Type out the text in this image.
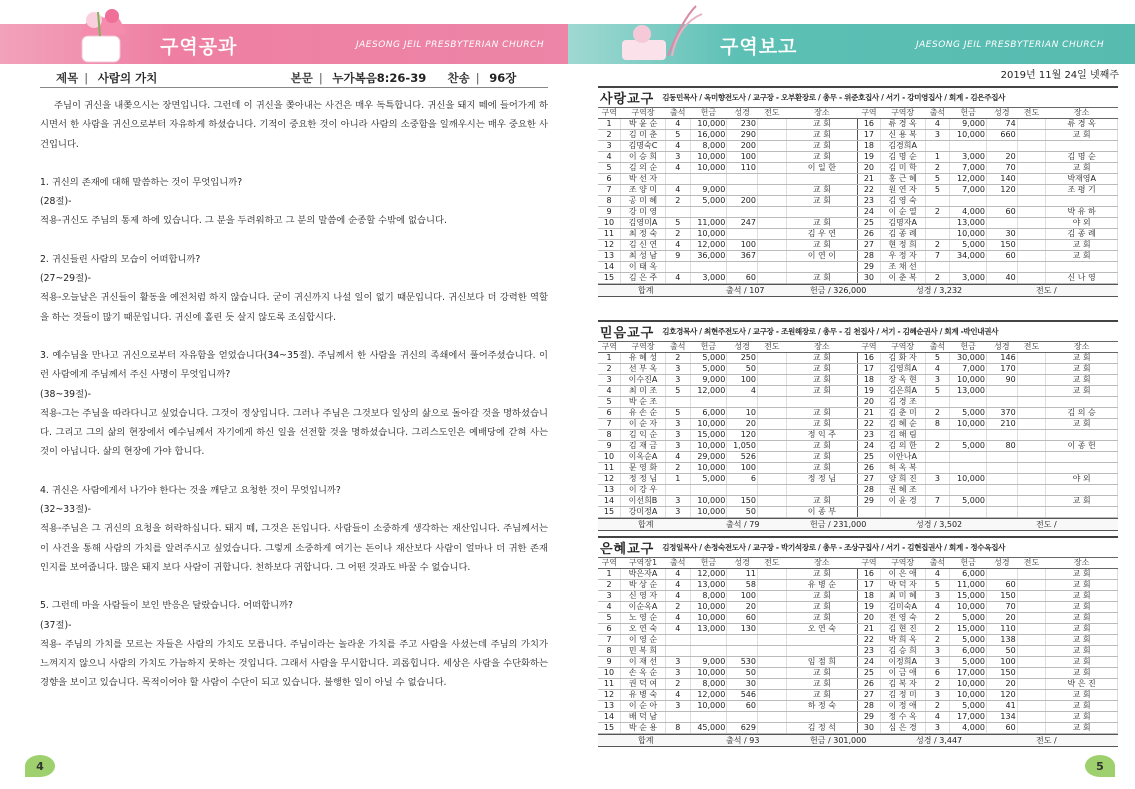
구역공과	JAESONG JEIL PRESBYTERIAN CHURCH	구역보고	JAESONG JEIL PRESBYTERIAN CHURCH
제목 | 사람의 가치	본문 | 누가복음8:26-39 찬송 | 96장

주님이 귀신을 내쫒으시는 장면입니다. 그런데 이 귀신을 쫒아내는 사건은 매우 독특합니다. 귀신을 돼지 떼에 들어가게 하시면서 한 사람을 귀신으로부터 자유하게 하셨습니다. 기적이 중요한 것이 아니라 사람의 소중함을 일깨우시는 매우 중요한 사건입니다.

1. 귀신의 존재에 대해 말씀하는 것이 무엇입니까?

(28절)-

적용-귀신도 주님의 통제 하에 있습니다. 그 분을 두려워하고 그 분의 말씀에 순종할 수밖에 없습니다.

2. 귀신들린 사람의 모습이 어떠합니까?

(27~29절)-

적용-오늘날은 귀신들이 활동을 예전처럼 하지 않습니다. 굳이 귀신까지 나설 일이 없기 때문입니다. 귀신보다 더 강력한 역할을 하는 것들이 많기 때문입니다. 귀신에 홀린 듯 살지 않도록 조심합시다.

3. 예수님을 만나고 귀신으로부터 자유함을 얻었습니다(34~35절). 주님께서 한 사람을 귀신의 족쇄에서 풀어주셨습니다. 이런 사람에게 주님께서 주신 사명이 무엇입니까?

(38~39절)-

적용-그는 주님을 따라다니고 싶었습니다. 그것이 정상입니다. 그러나 주님은 그것보다 일상의 삶으로 돌아갈 것을 명하셨습니다. 그리고 그의 삶의 현장에서 예수님께서 자기에게 하신 일을 선전할 것을 명하셨습니다. 그리스도인은 예배당에 갇혀 사는 것이 아닙니다. 삶의 현장에 가야 합니다.

4. 귀신은 사람에게서 나가야 한다는 것을 깨닫고 요청한 것이 무엇입니까?

(32~33절)-

적용-주님은 그 귀신의 요청을 허락하십니다. 돼지 떼, 그것은 돈입니다. 사람들이 소중하게 생각하는 재산입니다. 주님께서는 이 사건을 통해 사람의 가치를 알려주시고 싶었습니다. 그렇게 소중하게 여기는 돈이나 재산보다 사람이 얼마나 더 귀한 존재인지를 보여줍니다. 많은 돼지 보다 사람이 귀합니다. 천하보다 귀합니다. 그 어떤 것과도 바꿀 수 없습니다.

5. 그런데 마을 사람들이 보인 반응은 달랐습니다. 어떠합니까?

(37절)-

적용- 주님의 가치를 모르는 자들은 사람의 가치도 모릅니다. 주님이라는 놀라운 가치를 주고 사람을 사셨는데 주님의 가치가 느껴지지 않으니 사람의 가치도 가늠하지 못하는 것입니다. 그래서 사람을 무시합니다. 괴롭힙니다. 세상은 사람을 수단화하는 경향을 보이고 있습니다. 목적이어야 할 사람이 수단이 되고 있습니다. 불행한 일이 아닐 수 없습니다.

4
2019년 11월 24일 넷째주
사랑교구 김동민목사 / 옥미향전도사 / 교구장 - 오부환장로 / 총무 - 위준호집사 / 서기 - 강미영집사 / 회계 - 김은주집사
구역	구역장	출석	헌금	성경	전도	장소	구역	구역장	출석	헌금	성경	전도	장소
1	박 윤 순	4	10,000	230		교 회	16	류 경 옥	4	9,000	74		류 경 옥
2	김 미 춘	5	16,000	290		교 회	17	신 용 복	3	10,000	660		교 회
3	김명숙C	4	8,000	200		교 회	18	김경희A					
4	이 승 희	3	10,000	100		교 회	19	김 명 순	1	3,000	20		김 명 순
5	김 의 순	4	10,000	110		이 일 한	20	김 미 학	2	7,000	70		교 회
6	박 선 자						21	홍 근 혜	5	12,000	140		박재영A
7	조 양 미	4	9,000			교 회	22	원 연 자	5	7,000	120		조 평 기
8	공 미 혜	2	5,000	200		교 회	23	김 영 숙					
9	강 미 영						24	이 순 열	2	4,000	60		박 유 하
10	김영미A	5	11,000	247		교 회	25	김명자A		13,000			야 외
11	최 정 숙	2	10,000			김 우 연	26	김 종 례		10,000	30		김 종 례
12	김 신 연	4	12,000	100		교 회	27	현 정 희	2	5,000	150		교 회
13	최 성 남	9	36,000	367		이 연 이	28	우 정 자	7	34,000	60		교 회
14	이 태 옥						29	조 채 선					
15	김 은 주	4	3,000	60		교 회	30	이 춘 복	2	3,000	40		신 나 영
합계	출석 / 107	헌금 / 326,000	성경 / 3,232	전도 /
믿음교구 김호경목사 / 최현주전도사 / 교구장 - 조원해장로 / 총무 - 김 천집사 / 서기 - 김혜순권사 / 회계 -박인내권사
구역	구역장	출석	헌금	성경	전도	장소	구역	구역장	출석	헌금	성경	전도	장소
1	유 혜 성	2	5,000	250		교 회	16	김 화 자	5	30,000	146		교 회
2	선 부 옥	3	5,000	50		교 회	17	김영희A	4	7,000	170		교 회
3	이수진A	3	9,000	100		교 회	18	장 옥 현	3	10,000	90		교 회
4	최 미 조	5	12,000	4		교 회	19	김은희A	5	13,000			교 회
5	박 순 조						20	김 경 조					
6	유 손 순	5	6,000	10		교 회	21	김 춘 미	2	5,000	370		김 의 승
7	이 순 자	3	10,000	20		교 회	22	김 혜 순	8	10,000	210		교 회
8	김 익 순	3	15,000	120		정 익 주	23	김 해 림					
9	김 재 금	3	10,000	1,050		교 회	24	김 의 한	2	5,000	80		이 종 헌
10	이옥순A	4	29,000	526		교 회	25	이안나A					
11	문 영 화	2	10,000	100		교 회	26	허 옥 복					
12	정 정 님	1	5,000	6		정 정 님	27	양 희 진	3	10,000			야 외
13	이 강 우						28	권 혜 조					
14	이선희B	3	10,000	150		교 회	29	이 윤 경	7	5,000			교 회
15	강미정A	3	10,000	50		이 종 부							
합계	출석 / 79	헌금 / 231,000	성경 / 3,502	전도 /
은혜교구 김정일목사 / 손정숙전도사 / 교구장 - 박기석장로 / 총무 - 조상구집사 / 서기 - 김현집권사 / 회계 - 정수옥집사
구역	구역장1	출석	헌금	성경	전도	장소	구역	구역장	출석	헌금	성경	전도	장소
1	박은자A	4	12,000	11		교 회	16	이 은 애	4	6,000			교 회
2	박 상 순	4	13,000	58		유 병 순	17	박 덕 자	5	11,000	60		교 회
3	신 영 자	4	8,000	100		교 회	18	최 미 혜	3	15,000	150		교 회
4	이순옥A	2	10,000	20		교 회	19	김미숙A	4	10,000	70		교 회
5	노 영 순	4	10,000	60		교 회	20	전 영 숙	2	5,000	20		교 회
6	오 연 숙	4	13,000	130		오 연 숙	21	김 현 진	2	15,000	110		교 회
7	이 영 순						22	박 희 옥	2	5,000	138		교 회
8	민 복 희						23	김 승 희	3	6,000	50		교 회
9	이 재 선	3	9,000	530		임 점 희	24	이정희A	3	5,000	100		교 회
10	손 옥 순	3	10,000	50		교 회	25	이 금 애	6	17,000	150		교 회
11	권 덕 여	2	8,000	30		교 회	26	김 복 자	2	10,000	20		박 은 진
12	유 병 숙	4	12,000	546		교 회	27	김 정 미	3	10,000	120		교 회
13	이 순 아	3	10,000	60		하 정 숙	28	이 정 애	2	5,000	41		교 회
14	배 덕 남						29	정 수 옥	4	17,000	134		교 회
15	박 순 용	8	45,000	629		김 정 석	30	심 은 경	3	4,000	60		교 회
합계	출석 / 93	헌금 / 301,000	성경 / 3,447	전도 /
5
